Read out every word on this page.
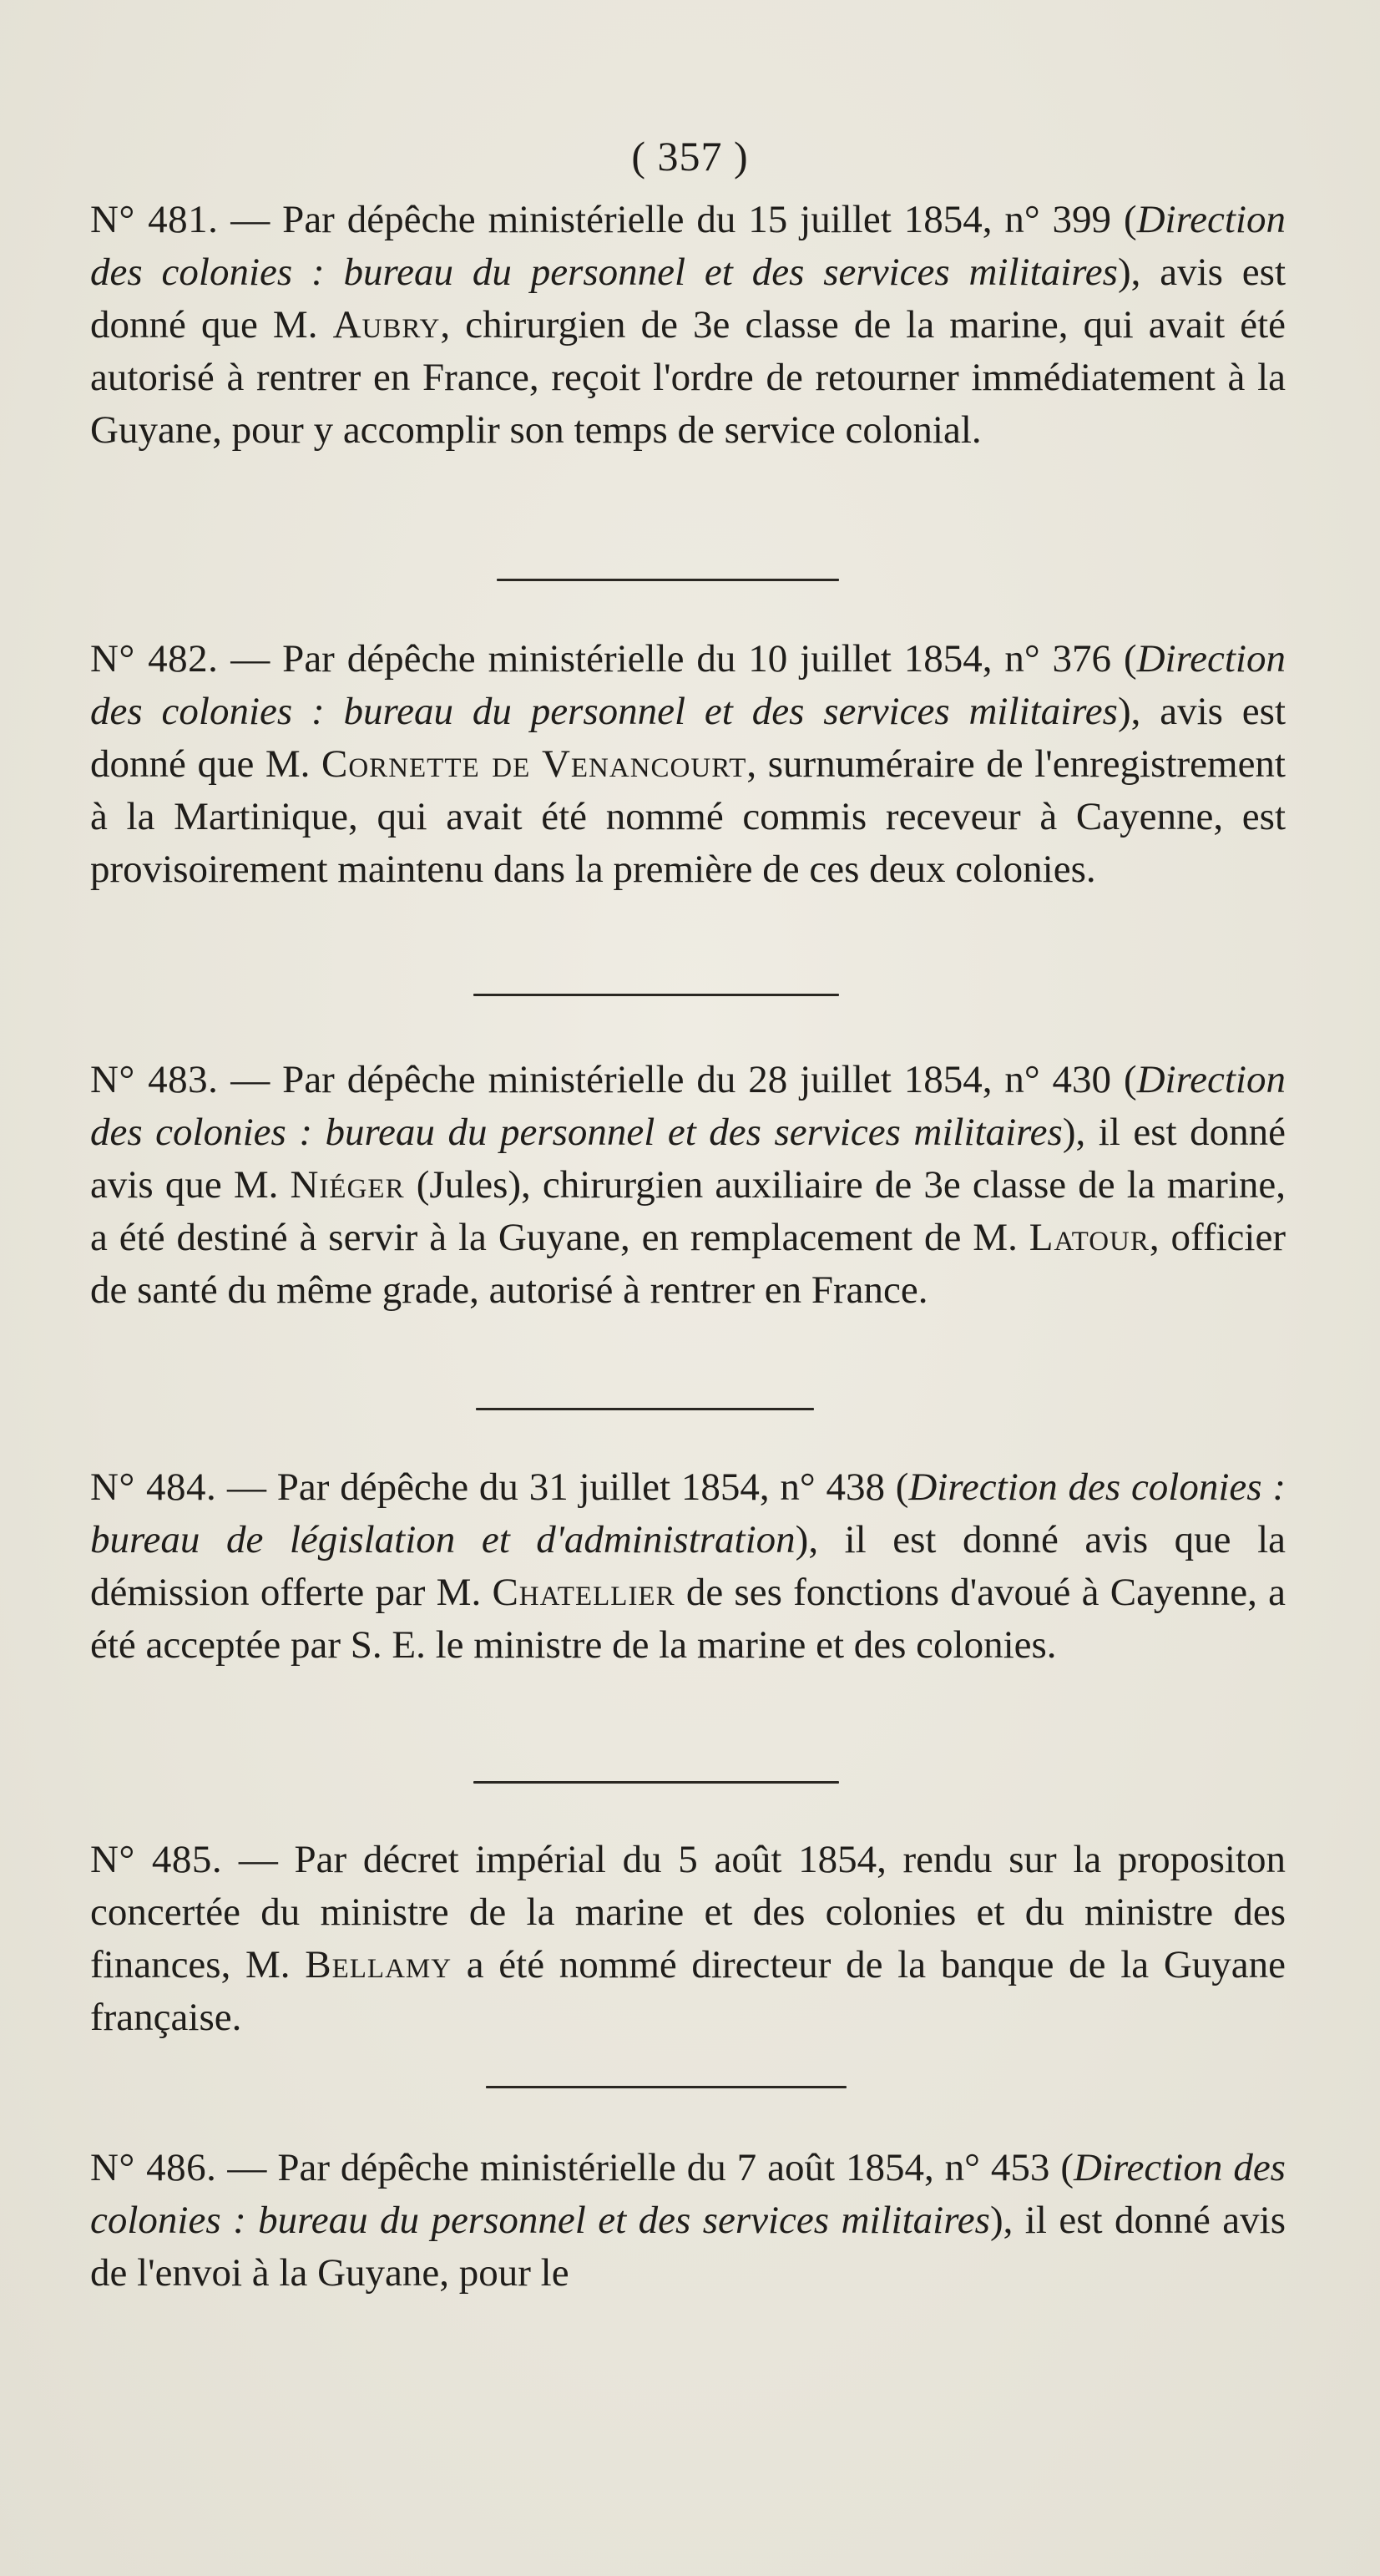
( 357 )

N° 481. — Par dépêche ministérielle du 15 juillet 1854, n° 399 (Direction des colonies : bureau du personnel et des services militaires), avis est donné que M. Aubry, chirurgien de 3e classe de la marine, qui avait été autorisé à rentrer en France, reçoit l'ordre de retourner immédiatement à la Guyane, pour y accomplir son temps de service colonial.

N° 482. — Par dépêche ministérielle du 10 juillet 1854, n° 376 (Direction des colonies : bureau du personnel et des services militaires), avis est donné que M. Cornette de Venancourt, surnuméraire de l'enregistrement à la Martinique, qui avait été nommé commis receveur à Cayenne, est provisoirement maintenu dans la première de ces deux colonies.

N° 483. — Par dépêche ministérielle du 28 juillet 1854, n° 430 (Direction des colonies : bureau du personnel et des services militaires), il est donné avis que M. Niéger (Jules), chirurgien auxiliaire de 3e classe de la marine, a été destiné à servir à la Guyane, en remplacement de M. Latour, officier de santé du même grade, autorisé à rentrer en France.

N° 484. — Par dépêche du 31 juillet 1854, n° 438 (Direction des colonies : bureau de législation et d'administration), il est donné avis que la démission offerte par M. Chatellier de ses fonctions d'avoué à Cayenne, a été acceptée par S. E. le ministre de la marine et des colonies.

N° 485. — Par décret impérial du 5 août 1854, rendu sur la propositon concertée du ministre de la marine et des colonies et du ministre des finances, M. Bellamy a été nommé directeur de la banque de la Guyane française.

N° 486. — Par dépêche ministérielle du 7 août 1854, n° 453 (Direction des colonies : bureau du personnel et des services militaires), il est donné avis de l'envoi à la Guyane, pour le
